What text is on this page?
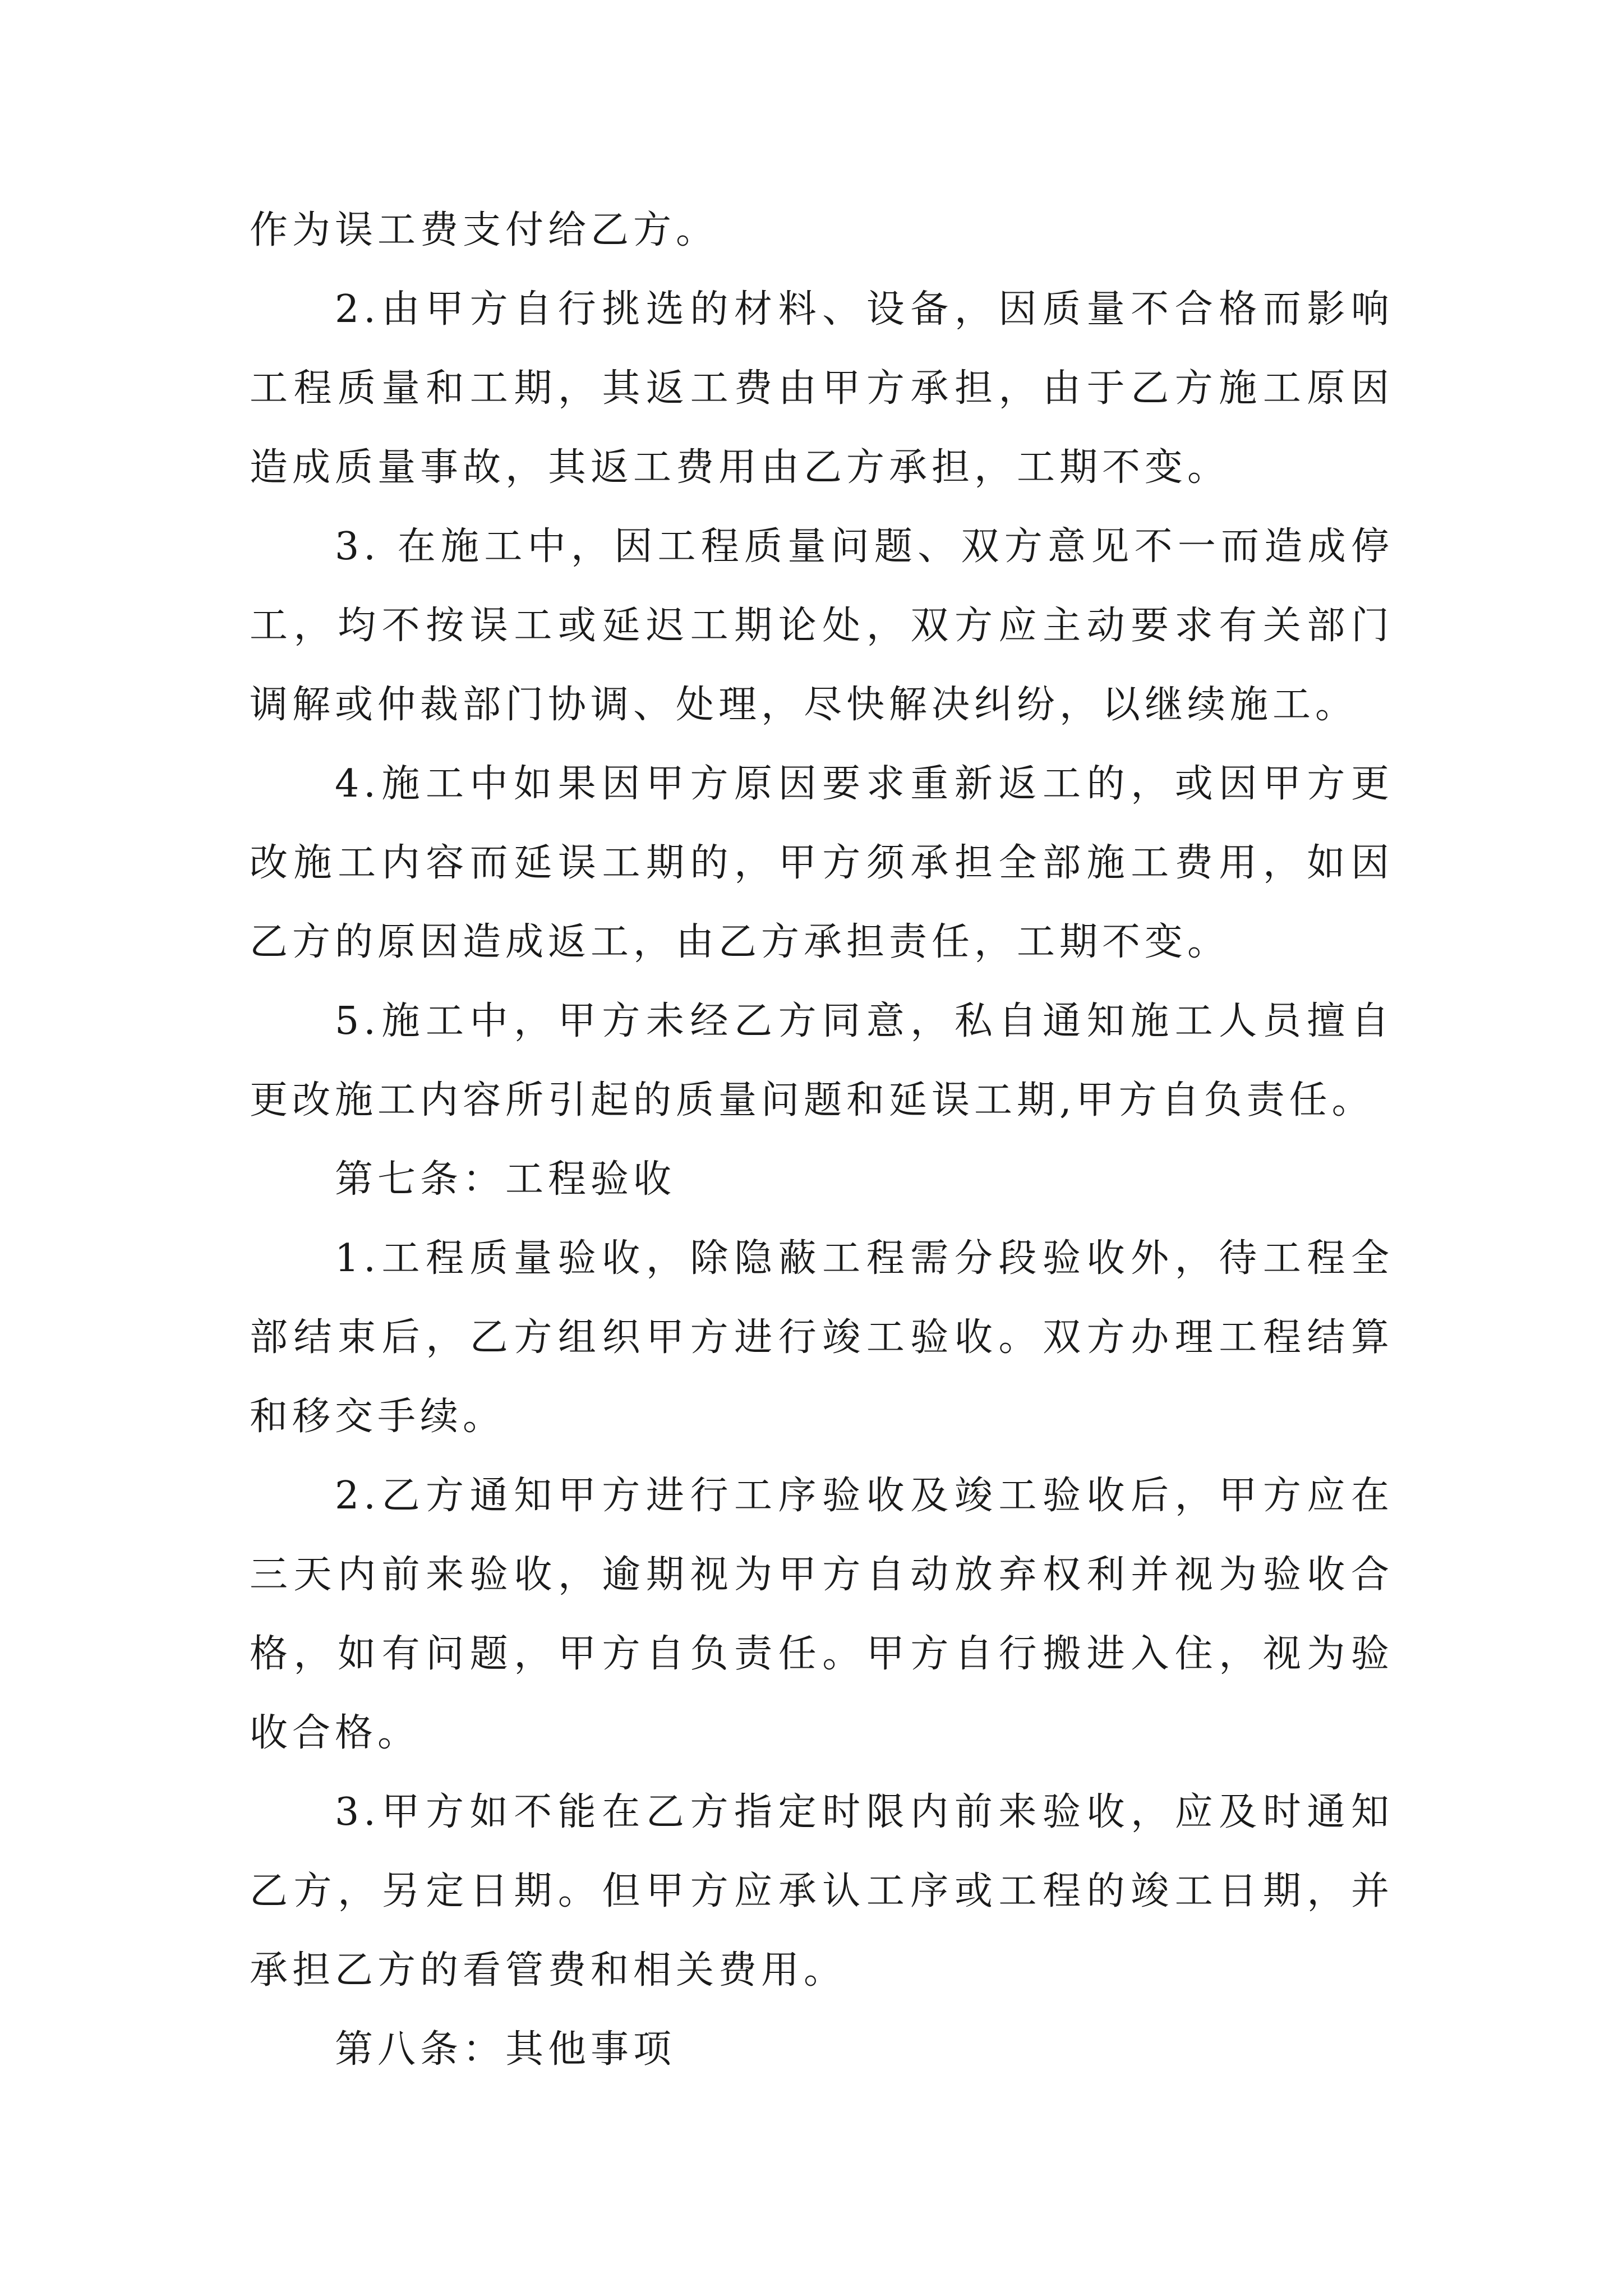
作为误工费支付给乙方。

2.由甲方自行挑选的材料、设备，因质量不合格而影响工程质量和工期，其返工费由甲方承担，由于乙方施工原因造成质量事故，其返工费用由乙方承担，工期不变。

3. 在施工中，因工程质量问题、双方意见不一而造成停工，均不按误工或延迟工期论处，双方应主动要求有关部门调解或仲裁部门协调、处理，尽快解决纠纷，以继续施工。

4.施工中如果因甲方原因要求重新返工的，或因甲方更改施工内容而延误工期的，甲方须承担全部施工费用，如因乙方的原因造成返工，由乙方承担责任，工期不变。

5.施工中，甲方未经乙方同意，私自通知施工人员擅自更改施工内容所引起的质量问题和延误工期,甲方自负责任。

第七条：工程验收

1.工程质量验收，除隐蔽工程需分段验收外，待工程全部结束后，乙方组织甲方进行竣工验收。双方办理工程结算和移交手续。

2.乙方通知甲方进行工序验收及竣工验收后，甲方应在三天内前来验收，逾期视为甲方自动放弃权利并视为验收合格，如有问题，甲方自负责任。甲方自行搬进入住，视为验收合格。

3.甲方如不能在乙方指定时限内前来验收，应及时通知乙方，另定日期。但甲方应承认工序或工程的竣工日期，并承担乙方的看管费和相关费用。

第八条：其他事项
